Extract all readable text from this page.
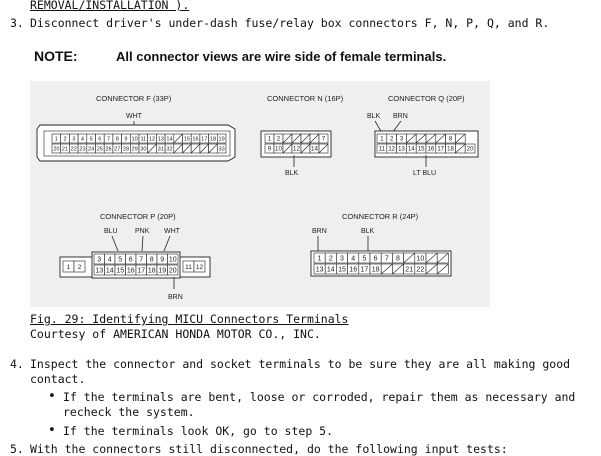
REMOVAL/INSTALLATION ).
3. Disconnect driver's under-dash fuse/relay box connectors F, N, P, Q, and R.
NOTE:	All connector views are wire side of female terminals.
CONNECTOR F (33P)
WHT
1 2 3 4 5 6 7 8 9 10 11 12 13 14 15 16 17 18 19
20 21 22 23 24 25 26 27 28 29 30 31 32	33
CONNECTOR N (16P)
1 2	7
9 10 12 14
BLK
CONNECTOR Q (20P)
BLK BRN
1 2 3	8
11 12 13 14 15 16 17 18 20
LT BLU
CONNECTOR P (20P)
BLU PNK WHT
1 2
3 4 5 6 7 8 9 10
13 14 15 16 17 18 19 20
11 12
BRN
CONNECTOR R (24P)
BRN	BLK
1 2 3 4 5 6 7 8 10
13 14 15 16 17 18	21 22
Fig. 29: Identifying MICU Connectors Terminals
Courtesy of AMERICAN HONDA MOTOR CO., INC.
4. Inspect the connector and socket terminals to be sure they are all making good
contact.
• If the terminals are bent, loose or corroded, repair them as necessary and
recheck the system.
• If the terminals look OK, go to step 5.
5. With the connectors still disconnected, do the following input tests:
